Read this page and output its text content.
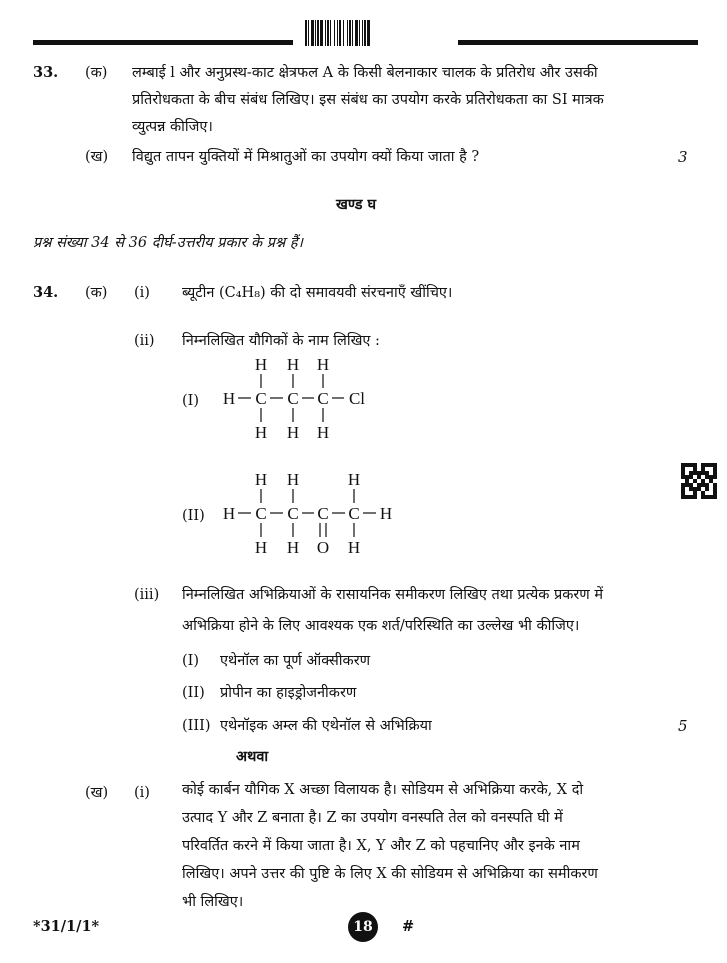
33. (क) लम्बाई l और अनुप्रस्थ-काट क्षेत्रफल A के किसी बेलनाकार चालक के प्रतिरोध और उसकी
प्रतिरोधकता के बीच संबंध लिखिए। इस संबंध का उपयोग करके प्रतिरोधकता का SI मात्रक
व्युत्पन्न कीजिए।
(ख) विद्युत तापन युक्तियों में मिश्रातुओं का उपयोग क्यों किया जाता है ?	3
खण्ड घ
प्रश्न संख्या 34 से 36 दीर्घ-उत्तरीय प्रकार के प्रश्न हैं।
34. (क) (i) ब्यूटीन (C₄H₈) की दो समावयवी संरचनाएँ खींचिए।
(ii) निम्नलिखित यौगिकों के नाम लिखिए :
(I)
H H H
H C C C Cl
H H H
(II)
H H	H
H C C C C H
H H O H
(iii) निम्नलिखित अभिक्रियाओं के रासायनिक समीकरण लिखिए तथा प्रत्येक प्रकरण में
अभिक्रिया होने के लिए आवश्यक एक शर्त/परिस्थिति का उल्लेख भी कीजिए।
(I) एथेनॉल का पूर्ण ऑक्सीकरण
(II) प्रोपीन का हाइड्रोजनीकरण
(III) एथेनॉइक अम्ल की एथेनॉल से अभिक्रिया	5
अथवा
(ख) (i) कोई कार्बन यौगिक X अच्छा विलायक है। सोडियम से अभिक्रिया करके, X दो
उत्पाद Y और Z बनाता है। Z का उपयोग वनस्पति तेल को वनस्पति घी में
परिवर्तित करने में किया जाता है। X, Y और Z को पहचानिए और इनके नाम
लिखिए। अपने उत्तर की पुष्टि के लिए X की सोडियम से अभिक्रिया का समीकरण
भी लिखिए।
*31/1/1*	18 #
